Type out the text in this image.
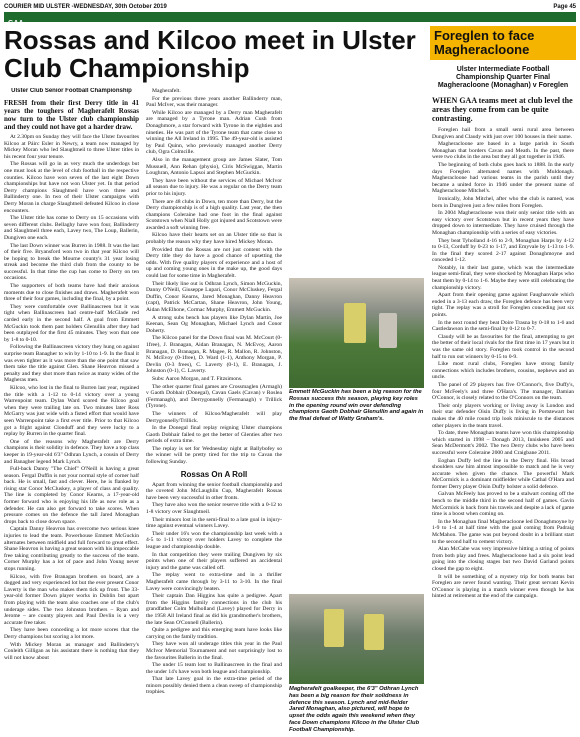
COURIER MID ULSTER -WEDNESDAY, 30th October 2019	Page 45
GAA
Rossas and Kilcoo meet in Ulster Club Championship
Ulster Club Senior Football Championship
FRESH from their first Derry title in 41 years the toughers of Magherafelt Rossas now turn to the Ulster club championship and they could not have got a harder draw.

At 2.30pm on Sunday they will face the Ulster favourites Kilcoo at Páirc Esler in Newry, a team now managed by Mickey Moran who led Slaughtneil to three Ulster titles in his recent four year tenure.

The Rossas will go in as very much the underdogs but one must look at the level of club football in the respective counties. Kilcoo have won seven of the last eight Down championships but have not won Ulster yet. In that period Derry champions Slaughtneil have won three and Ballinderry one. In two of their Ulster campaigns with Derry Moran in charge Slaughtneil defeated Kilcoo in close encounters.

The Ulster title has come to Derry on 15 occasions with seven different clubs. Bellaghy have won four, Ballinderry and Slaughtneil three each, Lavey two, The Loup, Ballerin, Dungiven one each.

The last Down winner was Burren in 1988. It was the last of their five. Bryansford won two in that year Kilcoo will be hoping to break the Mourne county's 31 year losing streak and become the third club from the county to be successful. In that time the cup has come to Derry on ten occasions.

The supporters of both teams have had their anxious moments due to close finishes and draws. Magherafelt won three of their four games, including the final, by a point.

They were comfortable over Ballinascreen but it was tight when Ballinascreen had centre-half McGlade red carded early in the second half. A goal from Emmett McGuckin took them past holders Glenullin after they had been outplayed for the first 45 minutes. They won that one by 1-8 to 0-10.

Following the Ballinascreen victory they hung on against surprise team Banagher to win by 1-10 to 1-9. In the final it was even tighter as it was more than the one point that saw them take the title against Glen. Shane Heavron missed a penalty and they shot more than twice as many wides of the Magheras men.

Kilcoo, who lost in the final to Burren last year, regained the title with a 1-12 to 0-14 victory over a young Warrenpoint team. Dylan Ward scored the Kilcoo goal when they were trailing late on. Two minutes later Ross McGarry was just wide with a fisted effort that would have seen Warrenpoint take a first ever title. Prior to that Kilcoo got a fright against Clonduff and they were lucky to a replay by Burren in the quarter final.

One of the reasons why Magherafelt are Derry champions is their solidity in defence. They have a top class keeper in 19-year-old 6'3" Odhran Lynch, a cousin of Derry and Banagher legend Mark Lynch.

Full-back Danny "The Chief" O'Neill is having a great season. Fergal Duffin is not your normal style of corner half back. He is small, fast and clever. Here, he is flanked by rising star Conor McCluskey, a player of class and quality. The line is completed by Conor Kearns, a 17-year-old former forward who is enjoying his life as now role as a defender. He can also get forward to take scores. When pressure comes on the defence the tall Jared Monaghan drops back to close down space.

Captain Danny Heavron has overcome two serious knee injuries to lead the team. Powerhouse Emmett McGuckin alternates between midfield and full forward to great effect. Shane Heavron is having a great season with his impeccable free taking contributing greatly to the success of the team. Corner Murphy has a lot of pace and John Young never stops running.

Kilcoo, with five Branagan brothers on board, are a dogged and very experienced lot but the ever present Conor Laverty is the man who makes them tick up front. The 33-year-old former Down player works in Dublin but apart from playing with the team also coaches one of the club's underage sides. The two Johnston brothers – Ryan and Jerome – are county players and Paul Devlin is a very accurate free taker.

They have been conceding a lot more scores that the Derry champions but scoring a lot more.

With Mickey Moran as manager and Ballinderry's Conleith Gilligan as his assistant there is nothing that they will not know about

Magherafelt.

For the previous three years another Ballinderry man, Paul McIver, was their manager.

While Kilcoo are managed by a Derry man Magherafelt are managed by a Tyrone man. Adrian Cush from Donaghmore, a star forward with Tyrone in the eighties and nineties. He was part of the Tyrone team that came close to winning the All Ireland in 1995. The 49-year-old is assisted by Paul Quinn, who previously managed another Derry club, Ogra Colmcille.

Also in the management group are James Slater, Tom Mussuell, Ann Rehan (physio), Ciris McSwiggan, Martin Loughran, Antonio Lapsoi and Stephen McGuckin.

They have been without the services of Michael McIvor all season due to injury. He was a regular on the Derry team prior to his injury.

There are 48 clubs in Down, ten more than Derry, but the Derry championship is of a high quality. Last year, the then champions Coleraine had one foot in the final against Scotstown when Niall Holly got injured and Scotstown were awarded a soft winning free.

Kilcoo have their hearts set on an Ulster title so that is probably the reason why they have hired Mickey Moran.

Provided that the Rossas are not just content with the Derry title they do have a good chance of upsetting the odds. With five quality players of experience and a host of up and coming young ones in the make up, the good days could last for some time in Magherafelt.

Their likely line out is Odhran Lynch, Simon McGuckin, Danny O'Neill, Giuseppe Lupari, Conor McCluskey, Fergal Duffin, Conor Kearns, Jared Monaghan, Danny Heavron (capt), Patrick McCartan, Shane Heavron, John Young, Aidan McElhone, Cormac Murphy, Emmett McGuckin.

A strong subs bench has players like Dylan Martin, Joe Keenan, Sean Og Monaghan, Michael Lynch and Conor Doherty.

The Kilcoo panel for the Down final was M. McCourt (0-1free), J. Branagan, Aidan Branagan, N. McEvoy, Aaron Branagan, D. Branagan, R. Magee, R. Mallon, R. Johnston, N. McEvoy (0-1free), D. Ward (1-1), Anthony Morgan, P. Devlin (0-3 frees), C. Laverty (0-1), E. Branagan, J. Johnston (0-1), C. Laverty.

Subs: Aaron Morgan, and T. Fitzsimons.

The other quarter final games are Crossmaglen (Armagh) v Gaoth Dobhair (Donegal), Cavan Gaels (Cavan) v Roslea (Fermanagh), and Derrygonnelly (Fermanagh) v Trillick (Tyrone).

The winners of Kilcoo/Magherafelt will play Derrygonnelly/Trillick.

In the Donegal final replay reigning Ulster champions Gaoth Dobhair failed to get the better of Glenties after two periods of extra time.

The replay is set for Wednesday night at Ballybofey so the winner will be pretty tired for the trip to Cavan the following Sunday.

Rossas On A Roll

Apart from winning the senior football championship and the coveted John McLaughlin Cup, Magherafelt Rossas have been very successful in other fronts.

They have also won the senior reserve title with a 0-12 to 1-8 victory over Slaughtneil.

Their minors lost in the semi-final to a late goal in injury-time against eventual winners Lavey.

Their under 16's won the championship last week with a 4-5 to 1-11 victory over holders Lavey to complete the league and championship double.

In that competition they were trailing Dungiven by six points when one of their players suffered an accidental injury and the game was called off.

The replay went to extra-time and in a thriller Magherafelt came through by 3-11 to 3-10. In the final Lavey were convincingly beaten.

Their captain Dan Higgins has quite a pedigree. Apart from the Higgins family connections in the club his grandfather Colm Mulholland (Lavey) played for Derry in the 1958 All Ireland final as did his grandmother's brothers, the late Sean O'Connell (Ballerin).

Quite a pedigree and this emerging team have looks like carrying on the family tradition.

They have won all underage titles this year in the Paul McIvor Memorial Tournament and not surprisingly lost to the favourites Ballerin in the final.

The under 15 team lost to Ballinascreen in the final and the under 14's have won both league and championship.

That late Lavey goal in the extra-time period of the minors possibly denied them a clean sweep of championship trophies.

Emmett McGuckin has been a big reason for the Rossas success this season, playing key roles in the opening round win over defending champions Gaoth Dobhair Glenullin and again in the final defeat of Watty Graham's.
Magherafelt goalkeeper, the 6'3" Odhran Lynch has been a big reason for their solidness in defence this season. Lynch and mid-fielder Jared Monaghan, also pictured, will hope to upset the odds again this weekend when they face Down champions Kilcoo in the Ulster Club Football Championship.
Foreglen to face Magheracloone
Ulster Intermediate Football Championship Quarter Final Magheracloone (Monaghan) v Foreglen
WHEN GAA teams meet at club level the areas they come from can be quite contrasting.

Foreglen hail from a small semi rural area between Dungiven and Claudy with just over 100 houses in their name.

Magheracloone are based in a large parish in South Monaghan that borders Cavan and Meath. In the past, there were two clubs in the area but they all got together in 1946.

The beginning of both clubs goes back to 1888. In the early days Foreglen alternated names with Muldonagh. Magheracloone had various teams in the parish until they became a united force in 1946 under the present name of Magheracloone Mitchel's.

Ironically, John Mitchel, after who the club is named, was born in Dungiven just a few miles from Foreglen.

In 2004 Magheracloone won their only senior title with an easy victory over Scotstown but in recent years they have dropped down to intermediate. They have cruised through the Monaghan championship with a series of easy victories.

They beat Tyholland 4-16 to 2-9, Monaghan Harps by 4-12 to 0-13, Corduff by 0-23 to 1-17, and Emyvale by 1-13 to 1-9. In the final they scored 2-17 against Donaghmoyne and conceded 1-12.

Notably, in their last game, which was the intermediate league semi-final, they were shocked by Monaghan Harps who beat them by 0-14 to 1-6. Maybe they were still celebrating the championship victory.

Apart from their opening game against Faughanvale which ended in a 3-13 each draw, the Foreglen defence has been very tight. The replay was a stroll for Foreglen conceding just six points.

In the next round they beat Doire Trasna by 0-18 to 1-6 and Castledawson in the semi-final by 0-12 to 0-7.

Claudy will be as favourites for the final, attempting to get the better of their local rivals for the first time in 17 years but it was the same old story. Foreglen took control in the second half to run out winners by 0-15 to 0-9.

Like most rural clubs, Foreglen have strong family connections which includes brothers, cousins, nephews and an uncle.

The panel of 29 players has five O'Connor's, five Duffy's, four McFeely's and three O'Hara's. The manager, Damian O'Connor, is closely related to the O'Connors on the team.

Their only players working or living away is London and their star defender Oisin Duffy is living in Portstewart but makes the 40 mile round trip look miniscule to the distances other players in the team travel.

To date, three Monaghan teams have won this championship which started in 1998 – Donagh 2013, Inniskeen 2005 and Sean McDermott's 2002. The two Derry clubs who have been successful were Coleraine 2000 and Craigbane 2011.

Eoghan Duffy led the line in the Derry final. His broad shoulders saw him almost impossible to match and he is very accurate when given the chance. The powerful Mark McCormick is a dominant midfielder while Cathal O'Hara and former Derry player Oisin Duffy bolster a solid defence.

Galvan McFeely has proved to be a stalwart coming off the bench to the middle third in the second half of games. Gavin McCormick is back from his travels and despite a lack of game time is a boost when coming on.

In the Monaghan final Magheracloone led Donaghmoyne by 1-9 to 1-4 at half time with the goal coming from Padraig McMahon. The game was put beyond doubt in a brilliant start to the second half to cement victory.

Alan McCabe was very impressive hitting a string of points from both play and frees. Magheracloone had a six point lead going into the closing stages but two David Garland points closed the gap to eight.

It will be something of a mystery trip for both teams but Foreglen are never found wanting. Their great servant Kevin O'Connor is playing in a match winner even though he has hinted at retirement at the end of the campaign.
